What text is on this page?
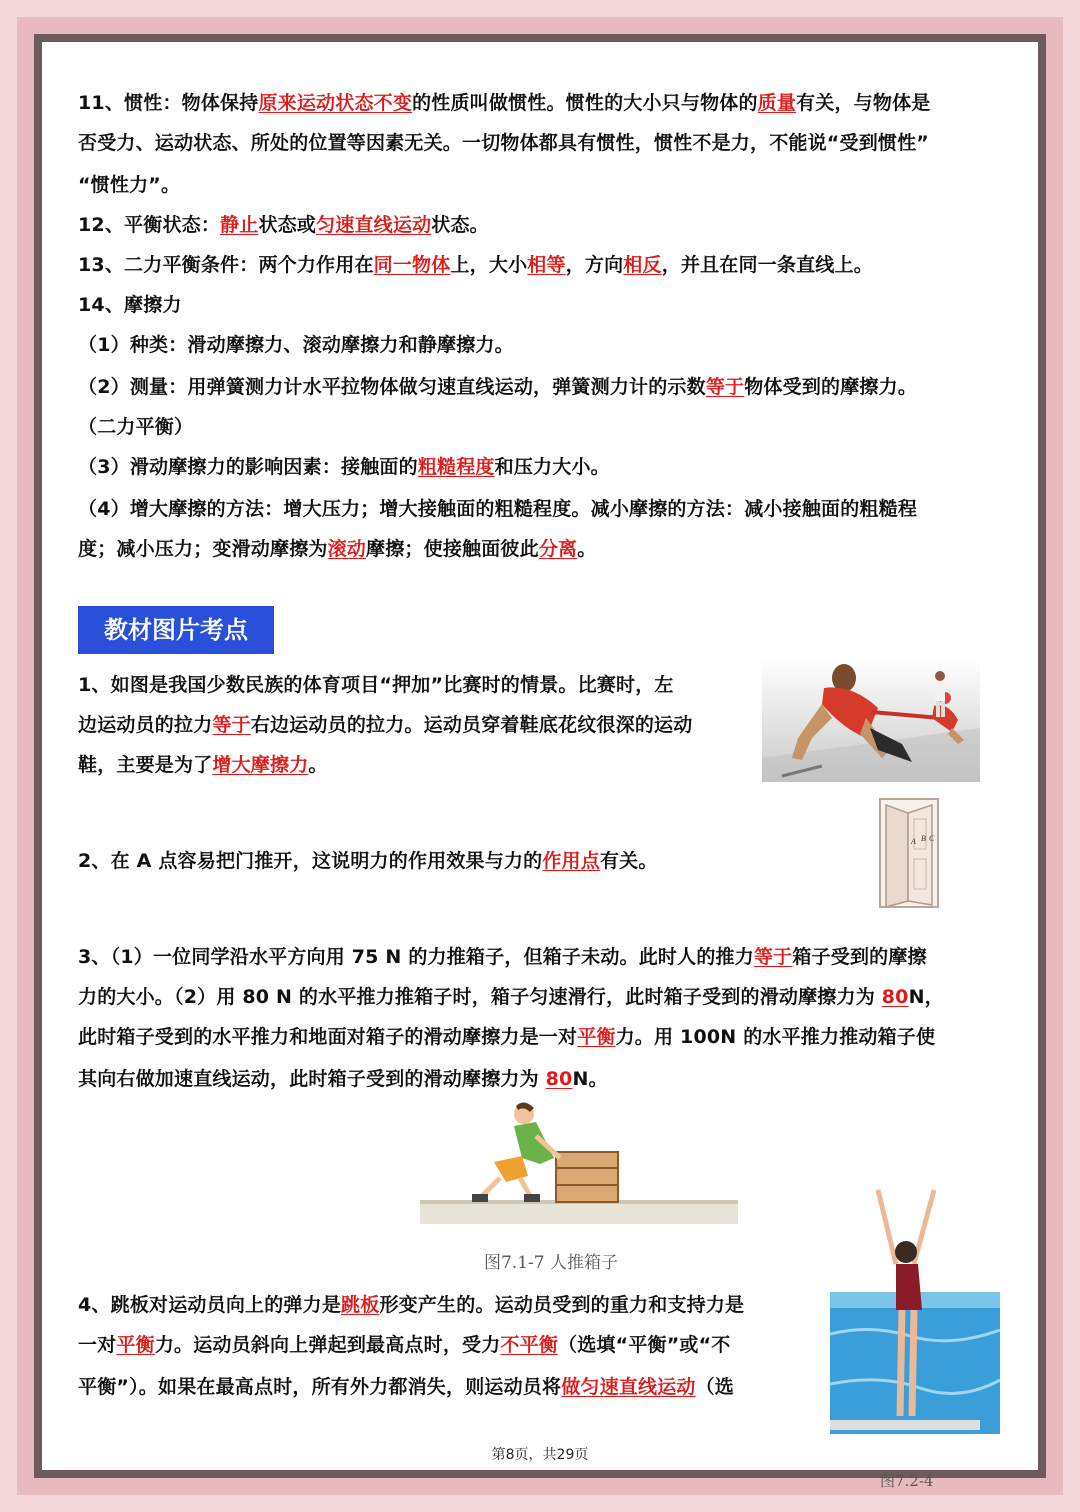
11、惯性：物体保持原来运动状态不变的性质叫做惯性。惯性的大小只与物体的质量有关，与物体是
否受力、运动状态、所处的位置等因素无关。一切物体都具有惯性，惯性不是力，不能说“受到惯性”
“惯性力”。
12、平衡状态：静止状态或匀速直线运动状态。
13、二力平衡条件：两个力作用在同一物体上，大小相等，方向相反，并且在同一条直线上。
14、摩擦力
（1）种类：滑动摩擦力、滚动摩擦力和静摩擦力。
（2）测量：用弹簧测力计水平拉物体做匀速直线运动，弹簧测力计的示数等于物体受到的摩擦力。
（二力平衡）
（3）滑动摩擦力的影响因素：接触面的粗糙程度和压力大小。
（4）增大摩擦的方法：增大压力；增大接触面的粗糙程度。减小摩擦的方法：减小接触面的粗糙程
度；减小压力；变滑动摩擦为滚动摩擦；使接触面彼此分离。
1、如图是我国少数民族的体育项目“押加”比赛时的情景。比赛时，左
边运动员的拉力等于右边运动员的拉力。运动员穿着鞋底花纹很深的运动
鞋，主要是为了增大摩擦力。
2、在 A 点容易把门推开，这说明力的作用效果与力的作用点有关。
3、（1）一位同学沿水平方向用 75 N 的力推箱子，但箱子未动。此时人的推力等于箱子受到的摩擦
力的大小。（2）用 80 N 的水平推力推箱子时，箱子匀速滑行，此时箱子受到的滑动摩擦力为 80N，
此时箱子受到的水平推力和地面对箱子的滑动摩擦力是一对平衡力。用 100N 的水平推力推动箱子使
其向右做加速直线运动，此时箱子受到的滑动摩擦力为 80N。
4、跳板对运动员向上的弹力是跳板形变产生的。运动员受到的重力和支持力是
一对平衡力。运动员斜向上弹起到最高点时，受力不平衡（选填“平衡”或“不
平衡”）。如果在最高点时，所有外力都消失，则运动员将做匀速直线运动（选
教材图片考点
A B C
图7.1-7 人推箱子
图7.2-4
第8页，共29页
